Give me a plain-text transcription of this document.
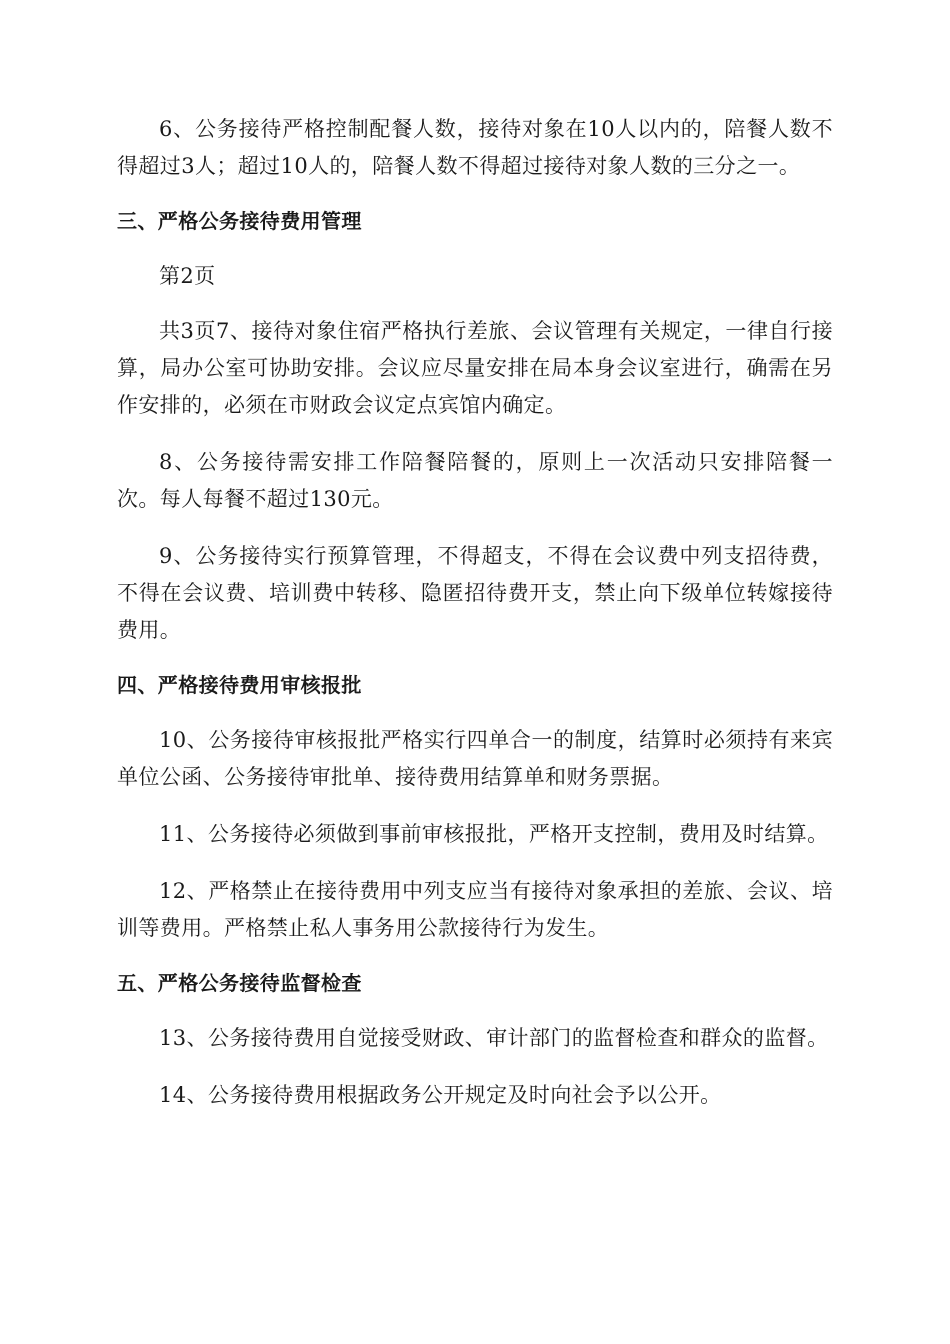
6、公务接待严格控制配餐人数，接待对象在10人以内的，陪餐人数不得超过3人；超过10人的，陪餐人数不得超过接待对象人数的三分之一。

三、严格公务接待费用管理

第2页

共3页7、接待对象住宿严格执行差旅、会议管理有关规定，一律自行接算，局办公室可协助安排。会议应尽量安排在局本身会议室进行，确需在另作安排的，必须在市财政会议定点宾馆内确定。

8、公务接待需安排工作陪餐陪餐的，原则上一次活动只安排陪餐一次。每人每餐不超过130元。

9、公务接待实行预算管理，不得超支，不得在会议费中列支招待费，不得在会议费、培训费中转移、隐匿招待费开支，禁止向下级单位转嫁接待费用。

四、严格接待费用审核报批

10、公务接待审核报批严格实行四单合一的制度，结算时必须持有来宾单位公函、公务接待审批单、接待费用结算单和财务票据。

11、公务接待必须做到事前审核报批，严格开支控制，费用及时结算。

12、严格禁止在接待费用中列支应当有接待对象承担的差旅、会议、培训等费用。严格禁止私人事务用公款接待行为发生。

五、严格公务接待监督检查

13、公务接待费用自觉接受财政、审计部门的监督检查和群众的监督。

14、公务接待费用根据政务公开规定及时向社会予以公开。
